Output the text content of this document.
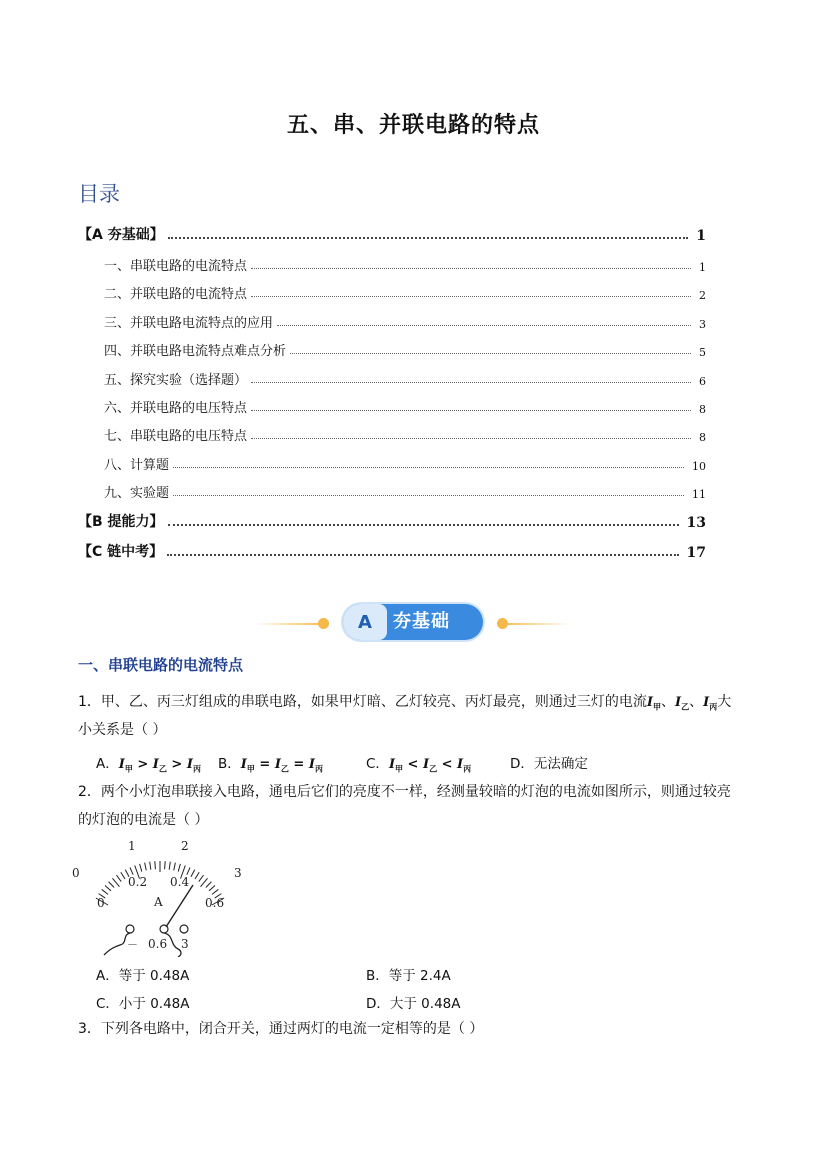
五、串、并联电路的特点
目录
【A 夯基础】	1
一、串联电路的电流特点	1
二、并联电路的电流特点	2
三、并联电路电流特点的应用	3
四、并联电路电流特点难点分析	5
五、探究实验（选择题）	6
六、并联电路的电压特点	8
七、串联电路的电压特点	8
八、计算题	10
九、实验题	11
【B 提能力】	13
【C 链中考】	17
A	夯基础
一、串联电路的电流特点
1．甲、乙、丙三灯组成的串联电路，如果甲灯暗、乙灯较亮、丙灯最亮，则通过三灯的电流$I_甲$、$I_乙$、$I_丙$大
小关系是（ ）
A．$I_甲 > I_乙 > I_丙$ B．$I_甲 = I_乙 = I_丙$	C．$I_甲 < I_乙 < I_丙$	D．无法确定
2．两个小灯泡串联接入电路，通电后它们的亮度不一样，经测量较暗的灯泡的电流如图所示，则通过较亮
的灯泡的电流是（ ）
0
1	2
3
0
0.2 0.4
0.6
A
－ 0.6 3
A．等于 0.48A	B．等于 2.4A
C．小于 0.48A	D．大于 0.48A
3．下列各电路中，闭合开关，通过两灯的电流一定相等的是（ ）
